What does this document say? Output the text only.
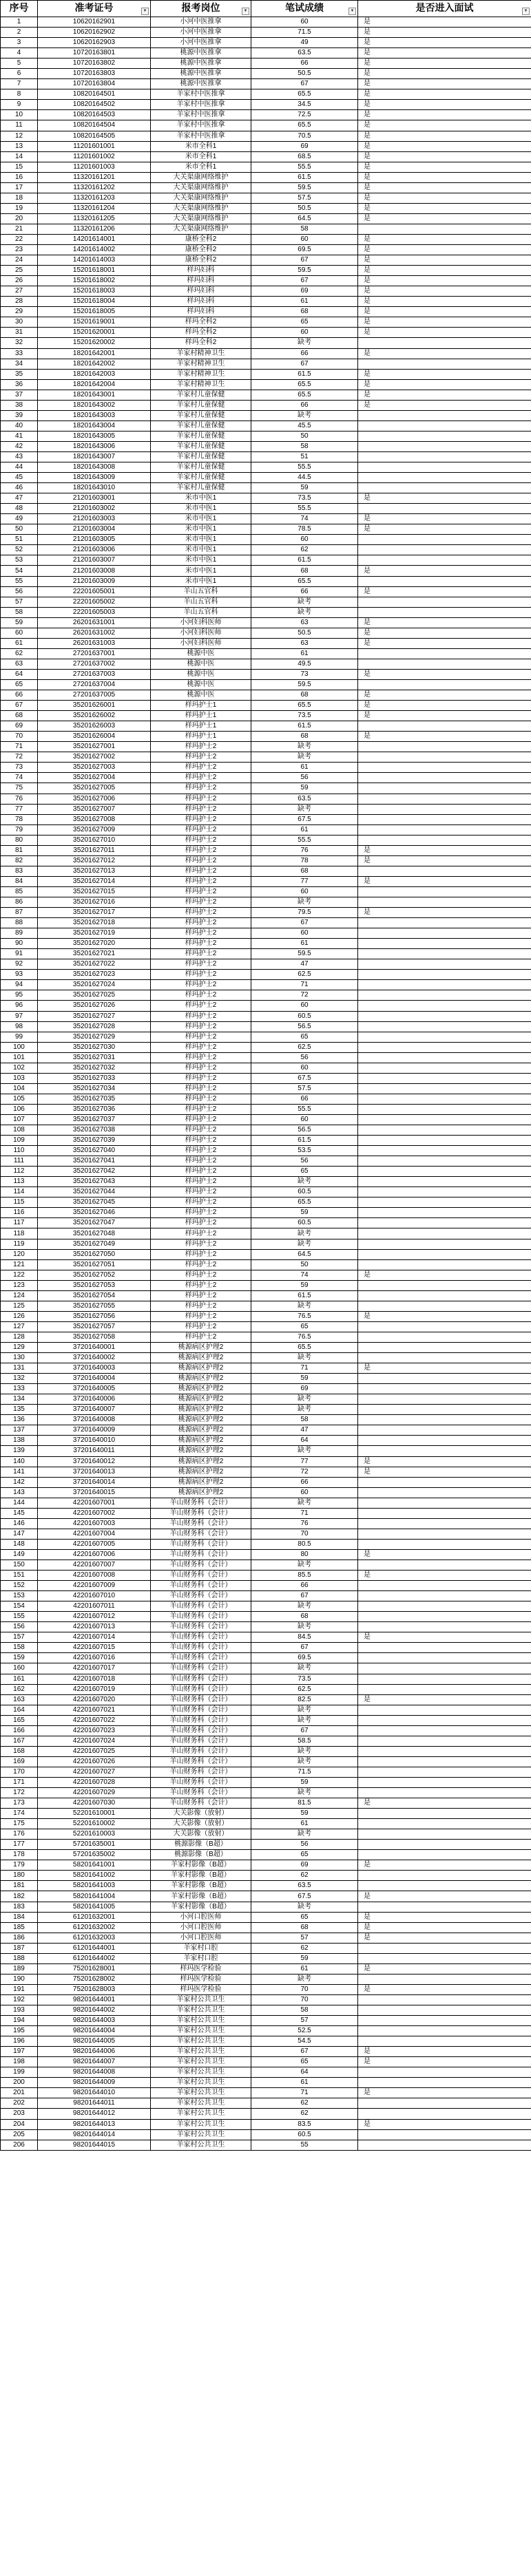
序号	准考证号 ▼	报考岗位 ▼	笔试成绩 ▼	是否进入面试 ▼

1	10620162901	小河中医推拿	60	是
2	10620162902	小河中医推拿	71.5	是
3	10620162903	小河中医推拿	49	是
4	10720163801	桃源中医推拿	63.5	是
5	10720163802	桃源中医推拿	66	是
6	10720163803	桃源中医推拿	50.5	是
7	10720163804	桃源中医推拿	67	是
8	10820164501	羊家村中医推拿	65.5	是
9	10820164502	羊家村中医推拿	34.5	是
10	10820164503	羊家村中医推拿	72.5	是
11	10820164504	羊家村中医推拿	65.5	是
12	10820164505	羊家村中医推拿	70.5	是
13	11201601001	米市全科1	69	是
14	11201601002	米市全科1	68.5	是
15	11201601003	米市全科1	55.5	是
16	11320161201	大关渠康网络维护	61.5	是
17	11320161202	大关渠康网络维护	59.5	是
18	11320161203	大关渠康网络维护	57.5	是
19	11320161204	大关渠康网络维护	50.5	是
20	11320161205	大关渠康网络维护	64.5	是
21	11320161206	大关渠康网络维护	58	
22	14201614001	康桥全科2	60	是
23	14201614002	康桥全科2	69.5	是
24	14201614003	康桥全科2	67	是
25	15201618001	样玛妇科	59.5	是
26	15201618002	样玛妇科	67	是
27	15201618003	样玛妇科	69	是
28	15201618004	样玛妇科	61	是
29	15201618005	样玛妇科	68	是
30	15201619001	样玛全科2	65	是
31	15201620001	样玛全科2	60	是
32	15201620002	样玛全科2	缺考	
33	18201642001	羊家村精神卫生	66	是
34	18201642002	羊家村精神卫生	67	
35	18201642003	羊家村精神卫生	61.5	是
36	18201642004	羊家村精神卫生	65.5	是
37	18201643001	羊家村儿童保健	65.5	是
38	18201643002	羊家村儿童保健	66	是
39	18201643003	羊家村儿童保健	缺考	
40	18201643004	羊家村儿童保健	45.5	
41	18201643005	羊家村儿童保健	50	
42	18201643006	羊家村儿童保健	58	
43	18201643007	羊家村儿童保健	51	
44	18201643008	羊家村儿童保健	55.5	
45	18201643009	羊家村儿童保健	44.5	
46	18201643010	羊家村儿童保健	59	
47	21201603001	米市中医1	73.5	是
48	21201603002	米市中医1	55.5	
49	21201603003	米市中医1	74	是
50	21201603004	米市中医1	78.5	是
51	21201603005	米市中医1	60	
52	21201603006	米市中医1	62	
53	21201603007	米市中医1	61.5	
54	21201603008	米市中医1	68	是
55	21201603009	米市中医1	65.5	
56	22201605001	羊山五官科	66	是
57	22201605002	羊山五官科	缺考	
58	22201605003	羊山五官科	缺考	
59	26201631001	小河妇科医师	63	是
60	26201631002	小河妇科医师	50.5	是
61	26201631003	小河妇科医师	63	是
62	27201637001	桃源中医	61	
63	27201637002	桃源中医	49.5	
64	27201637003	桃源中医	73	是
65	27201637004	桃源中医	59.5	
66	27201637005	桃源中医	68	是
67	35201626001	样玛护士1	65.5	是
68	35201626002	样玛护士1	73.5	是
69	35201626003	样玛护士1	61.5	
70	35201626004	样玛护士1	68	是
71	35201627001	样玛护士2	缺考	
72	35201627002	样玛护士2	缺考	
73	35201627003	样玛护士2	61	
74	35201627004	样玛护士2	56	
75	35201627005	样玛护士2	59	
76	35201627006	样玛护士2	63.5	
77	35201627007	样玛护士2	缺考	
78	35201627008	样玛护士2	67.5	
79	35201627009	样玛护士2	61	
80	35201627010	样玛护士2	55.5	
81	35201627011	样玛护士2	76	是
82	35201627012	样玛护士2	78	是
83	35201627013	样玛护士2	68	
84	35201627014	样玛护士2	77	是
85	35201627015	样玛护士2	60	
86	35201627016	样玛护士2	缺考	
87	35201627017	样玛护士2	79.5	是
88	35201627018	样玛护士2	67	
89	35201627019	样玛护士2	60	
90	35201627020	样玛护士2	61	
91	35201627021	样玛护士2	59.5	
92	35201627022	样玛护士2	47	
93	35201627023	样玛护士2	62.5	
94	35201627024	样玛护士2	71	
95	35201627025	样玛护士2	72	
96	35201627026	样玛护士2	60	
97	35201627027	样玛护士2	60.5	
98	35201627028	样玛护士2	56.5	
99	35201627029	样玛护士2	65	
100	35201627030	样玛护士2	62.5	
101	35201627031	样玛护士2	56	
102	35201627032	样玛护士2	60	
103	35201627033	样玛护士2	67.5	
104	35201627034	样玛护士2	57.5	
105	35201627035	样玛护士2	66	
106	35201627036	样玛护士2	55.5	
107	35201627037	样玛护士2	60	
108	35201627038	样玛护士2	56.5	
109	35201627039	样玛护士2	61.5	
110	35201627040	样玛护士2	53.5	
111	35201627041	样玛护士2	56	
112	35201627042	样玛护士2	65	
113	35201627043	样玛护士2	缺考	
114	35201627044	样玛护士2	60.5	
115	35201627045	样玛护士2	65.5	
116	35201627046	样玛护士2	59	
117	35201627047	样玛护士2	60.5	
118	35201627048	样玛护士2	缺考	
119	35201627049	样玛护士2	缺考	
120	35201627050	样玛护士2	64.5	
121	35201627051	样玛护士2	50	
122	35201627052	样玛护士2	74	是
123	35201627053	样玛护士2	59	
124	35201627054	样玛护士2	61.5	
125	35201627055	样玛护士2	缺考	
126	35201627056	样玛护士2	76.5	是
127	35201627057	样玛护士2	65	
128	35201627058	样玛护士2	76.5	
129	37201640001	桃源病区护理2	65.5	
130	37201640002	桃源病区护理2	缺考	
131	37201640003	桃源病区护理2	71	是
132	37201640004	桃源病区护理2	59	
133	37201640005	桃源病区护理2	69	
134	37201640006	桃源病区护理2	缺考	
135	37201640007	桃源病区护理2	缺考	
136	37201640008	桃源病区护理2	58	
137	37201640009	桃源病区护理2	47	
138	37201640010	桃源病区护理2	64	
139	37201640011	桃源病区护理2	缺考	
140	37201640012	桃源病区护理2	77	是
141	37201640013	桃源病区护理2	72	是
142	37201640014	桃源病区护理2	66	
143	37201640015	桃源病区护理2	60	
144	42201607001	羊山财务科（会计）	缺考	
145	42201607002	羊山财务科（会计）	71	
146	42201607003	羊山财务科（会计）	76	
147	42201607004	羊山财务科（会计）	70	
148	42201607005	羊山财务科（会计）	80.5	
149	42201607006	羊山财务科（会计）	80	是
150	42201607007	羊山财务科（会计）	缺考	
151	42201607008	羊山财务科（会计）	85.5	是
152	42201607009	羊山财务科（会计）	66	
153	42201607010	羊山财务科（会计）	67	
154	42201607011	羊山财务科（会计）	缺考	
155	42201607012	羊山财务科（会计）	68	
156	42201607013	羊山财务科（会计）	缺考	
157	42201607014	羊山财务科（会计）	84.5	是
158	42201607015	羊山财务科（会计）	67	
159	42201607016	羊山财务科（会计）	69.5	
160	42201607017	羊山财务科（会计）	缺考	
161	42201607018	羊山财务科（会计）	73.5	
162	42201607019	羊山财务科（会计）	62.5	
163	42201607020	羊山财务科（会计）	82.5	是
164	42201607021	羊山财务科（会计）	缺考	
165	42201607022	羊山财务科（会计）	缺考	
166	42201607023	羊山财务科（会计）	67	
167	42201607024	羊山财务科（会计）	58.5	
168	42201607025	羊山财务科（会计）	缺考	
169	42201607026	羊山财务科（会计）	缺考	
170	42201607027	羊山财务科（会计）	71.5	
171	42201607028	羊山财务科（会计）	59	
172	42201607029	羊山财务科（会计）	缺考	
173	42201607030	羊山财务科（会计）	81.5	是
174	52201610001	大关影像（放射）	59	
175	52201610002	大关影像（放射）	61	
176	52201610003	大关影像（放射）	缺考	
177	57201635001	桃源影像（B超）	56	
178	57201635002	桃源影像（B超）	65	
179	58201641001	羊家村影像（B超）	69	是
180	58201641002	羊家村影像（B超）	62	
181	58201641003	羊家村影像（B超）	63.5	
182	58201641004	羊家村影像（B超）	67.5	是
183	58201641005	羊家村影像（B超）	缺考	
184	61201632001	小河口腔医师	65	是
185	61201632002	小河口腔医师	68	是
186	61201632003	小河口腔医师	57	是
187	61201644001	羊家村口腔	62	
188	61201644002	羊家村口腔	59	
189	75201628001	样玛医学检验	61	是
190	75201628002	样玛医学检验	缺考	
191	75201628003	样玛医学检验	70	是
192	98201644001	羊家村公共卫生	70	
193	98201644002	羊家村公共卫生	58	
194	98201644003	羊家村公共卫生	57	
195	98201644004	羊家村公共卫生	52.5	
196	98201644005	羊家村公共卫生	54.5	
197	98201644006	羊家村公共卫生	67	是
198	98201644007	羊家村公共卫生	65	是
199	98201644008	羊家村公共卫生	64	
200	98201644009	羊家村公共卫生	61	
201	98201644010	羊家村公共卫生	71	是
202	98201644011	羊家村公共卫生	62	
203	98201644012	羊家村公共卫生	62	
204	98201644013	羊家村公共卫生	83.5	是
205	98201644014	羊家村公共卫生	60.5	
206	98201644015	羊家村公共卫生	55	
